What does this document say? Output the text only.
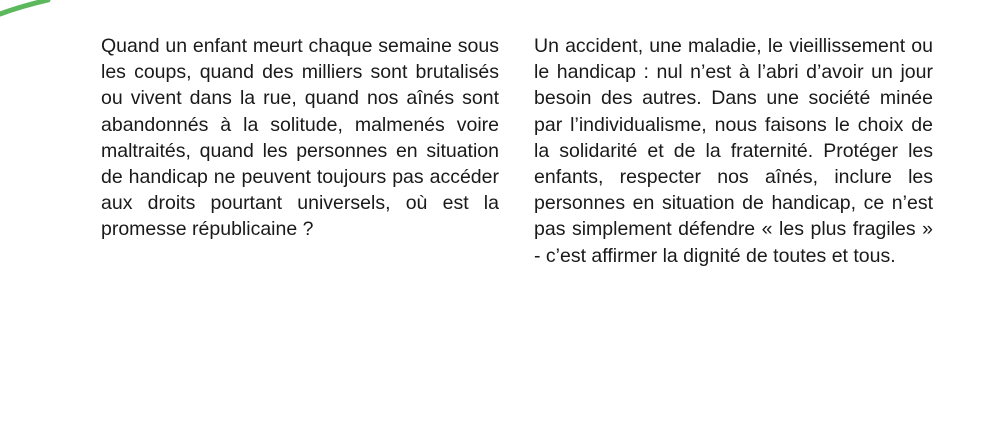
Quand un enfant meurt chaque semaine sous les coups, quand des milliers sont brutalisés ou vivent dans la rue, quand nos aînés sont abandonnés à la solitude, malmenés voire maltraités, quand les personnes en situation de handicap ne peuvent toujours pas accéder aux droits pourtant universels, où est la promesse républicaine ?

Un accident, une maladie, le vieillissement ou le handicap : nul n’est à l’abri d’avoir un jour besoin des autres. Dans une société minée par l’individualisme, nous faisons le choix de la solidarité et de la fraternité. Protéger les enfants, respecter nos aînés, inclure les personnes en situation de handicap, ce n’est pas simplement défendre « les plus fragiles » - c’est affirmer la dignité de toutes et tous.
